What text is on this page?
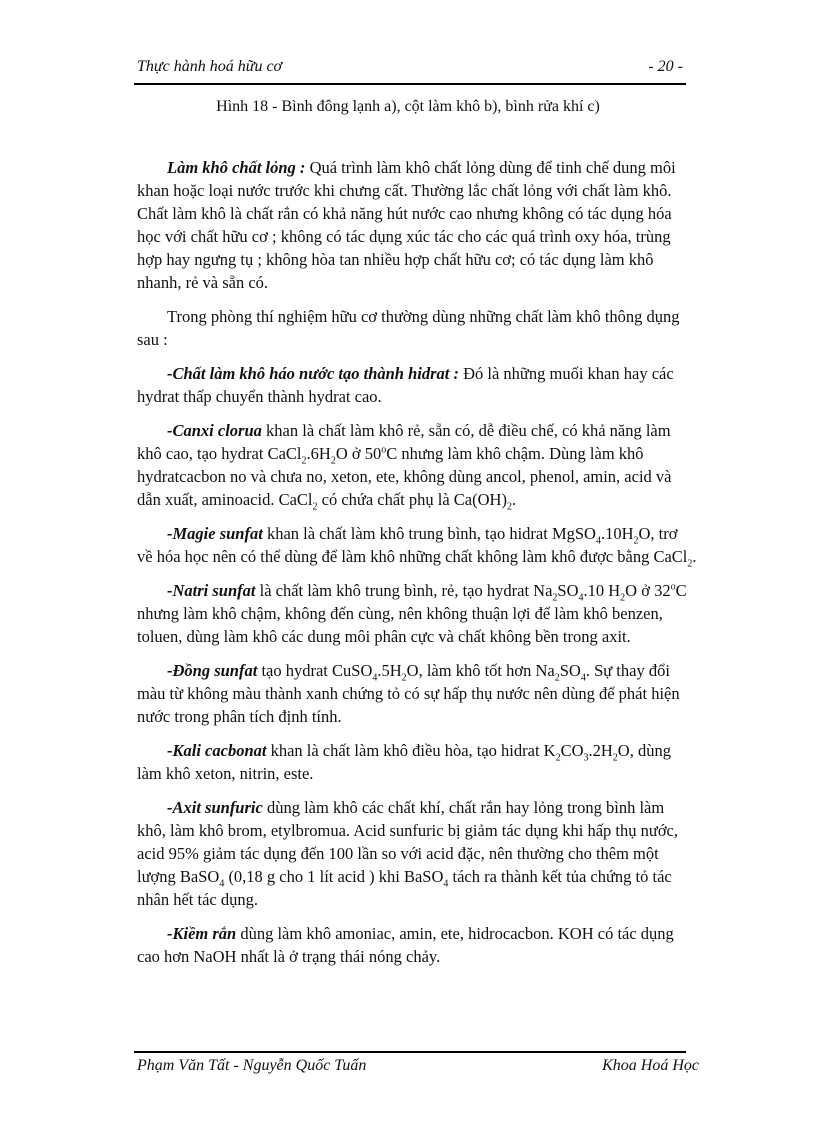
Thực hành hoá hữu cơ	- 20 -
Hình 18 - Bình đông lạnh a), cột làm khô b), bình rửa khí c)

Làm khô chất lỏng : Quá trình làm khô chất lỏng dùng để tinh chế dung môi khan hoặc loại nước trước khi chưng cất. Thường lắc chất lỏng với chất làm khô. Chất làm khô là chất rắn có khả năng hút nước cao nhưng không có tác dụng hóa học với chất hữu cơ ; không có tác dụng xúc tác cho các quá trình oxy hóa, trùng hợp hay ngưng tụ ; không hòa tan nhiều hợp chất hữu cơ; có tác dụng làm khô nhanh, rẻ và sẵn có.

Trong phòng thí nghiệm hữu cơ thường dùng những chất làm khô thông dụng sau :

-Chất làm khô háo nước tạo thành hidrat : Đó là những muối khan hay các hydrat thấp chuyển thành hydrat cao.

-Canxi clorua khan là chất làm khô rẻ, sẵn có, dễ điều chế, có khả năng làm khô cao, tạo hydrat $CaCl_2.6H_2O$ ở 50$^o$C nhưng làm khô chậm. Dùng làm khô hydratcacbon no và chưa no, xeton, ete, không dùng ancol, phenol, amin, acid và dẫn xuất, aminoacid. CaCl$_2$ có chứa chất phụ là $Ca(OH)_2$.

-Magie sunfat khan là chất làm khô trung bình, tạo hidrat $MgSO_4.10H_2O$, trơ về hóa học nên có thể dùng để làm khô những chất không làm khô được bằng CaCl$_2$.

-Natri sunfat là chất làm khô trung bình, rẻ, tạo hydrat $Na_2SO_4.10$ $H_2O$ ở 32$^o$C nhưng làm khô chậm, không đến cùng, nên không thuận lợi để làm khô benzen, toluen, dùng làm khô các dung môi phân cực và chất không bền trong axit.

-Đồng sunfat tạo hydrat $CuSO_4.5H_2O$, làm khô tốt hơn $Na_2SO_4$. Sự thay đổi màu từ không màu thành xanh chứng tỏ có sự hấp thụ nước nên dùng để phát hiện nước trong phân tích định tính.

-Kali cacbonat khan là chất làm khô điều hòa, tạo hidrat $K_2CO_3.2H_2O$, dùng làm khô xeton, nitrin, este.

-Axit sunfuric dùng làm khô các chất khí, chất rắn hay lỏng trong bình làm khô, làm khô brom, etylbromua. Acid sunfuric bị giảm tác dụng khi hấp thụ nước, acid 95% giảm tác dụng đến 100 lần so với acid đặc, nên thường cho thêm một lượng BaSO$_4$ (0,18 g cho 1 lít acid ) khi BaSO$_4$ tách ra thành kết tủa chứng tỏ tác nhân hết tác dụng.

-Kiềm rắn dùng làm khô amoniac, amin, ete, hidrocacbon. KOH có tác dụng cao hơn NaOH nhất là ở trạng thái nóng chảy.

Phạm Văn Tất - Nguyễn Quốc Tuấn	Khoa Hoá Học
